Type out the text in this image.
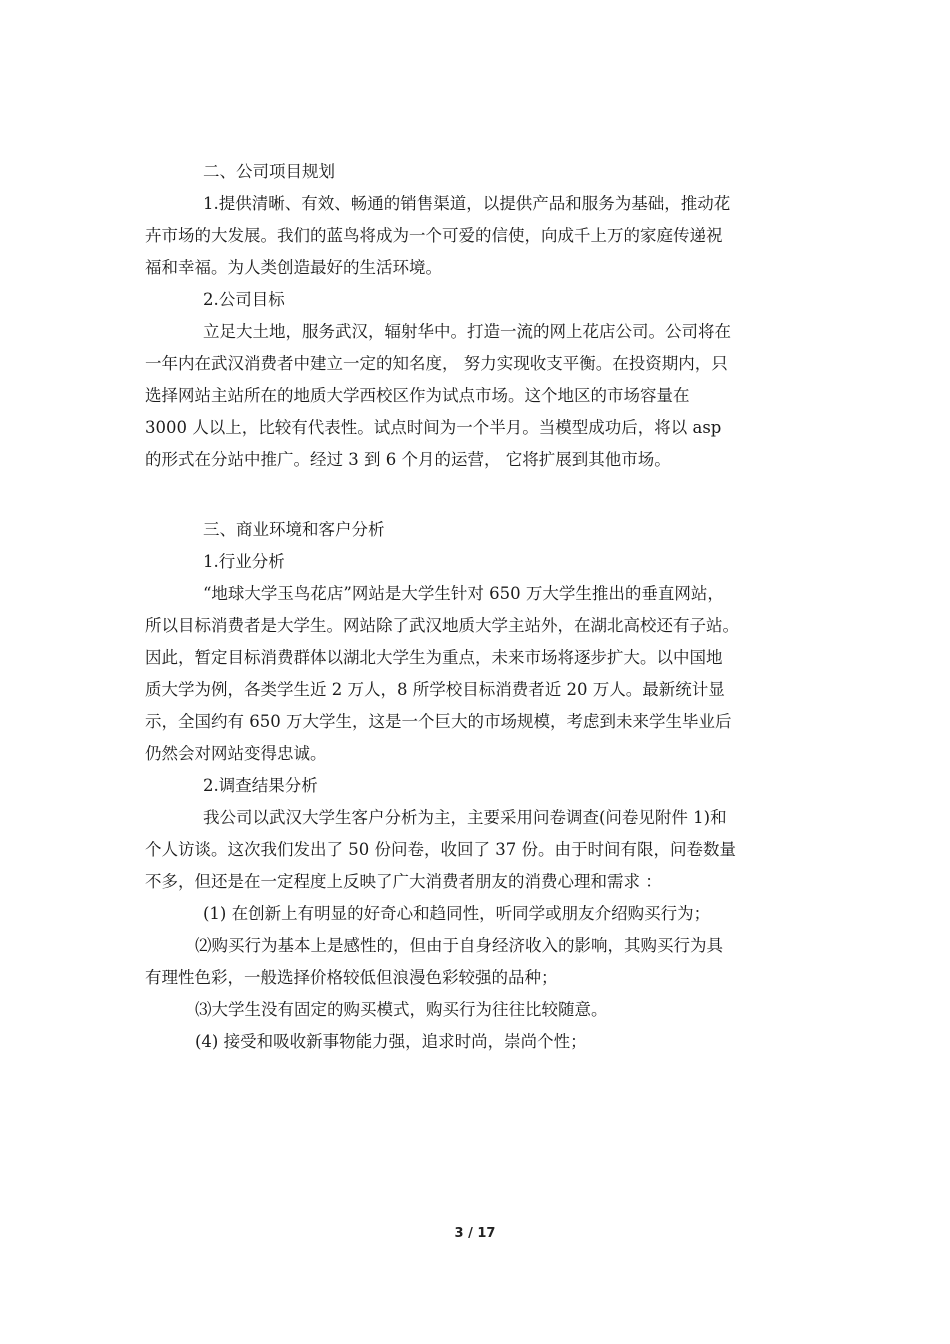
二、公司项目规划
1.提供清晰、有效、畅通的销售渠道，以提供产品和服务为基础，推动花
卉市场的大发展。我们的蓝鸟将成为一个可爱的信使，向成千上万的家庭传递祝
福和幸福。为人类创造最好的生活环境。
2.公司目标
立足大土地，服务武汉，辐射华中。打造一流的网上花店公司。公司将在
一年内在武汉消费者中建立一定的知名度， 努力实现收支平衡。在投资期内，只
选择网站主站所在的地质大学西校区作为试点市场。这个地区的市场容量在
3000 人以上，比较有代表性。试点时间为一个半月。当模型成功后，将以 asp
的形式在分站中推广。经过 3 到 6 个月的运营， 它将扩展到其他市场。
三、商业环境和客户分析
1.行业分析
“地球大学玉鸟花店”网站是大学生针对 650 万大学生推出的垂直网站，
所以目标消费者是大学生。网站除了武汉地质大学主站外，在湖北高校还有子站。
因此，暂定目标消费群体以湖北大学生为重点，未来市场将逐步扩大。以中国地
质大学为例，各类学生近 2 万人，8 所学校目标消费者近 20 万人。最新统计显
示，全国约有 650 万大学生，这是一个巨大的市场规模，考虑到未来学生毕业后
仍然会对网站变得忠诚。
2.调查结果分析
我公司以武汉大学生客户分析为主，主要采用问卷调查(问卷见附件 1)和
个人访谈。这次我们发出了 50 份问卷，收回了 37 份。由于时间有限，问卷数量
不多，但还是在一定程度上反映了广大消费者朋友的消费心理和需求 ：
(1) 在创新上有明显的好奇心和趋同性，听同学或朋友介绍购买行为；
⑵购买行为基本上是感性的，但由于自身经济收入的影响，其购买行为具
有理性色彩，一般选择价格较低但浪漫色彩较强的品种；
⑶大学生没有固定的购买模式，购买行为往往比较随意。
(4) 接受和吸收新事物能力强，追求时尚，崇尚个性；
3 / 17
